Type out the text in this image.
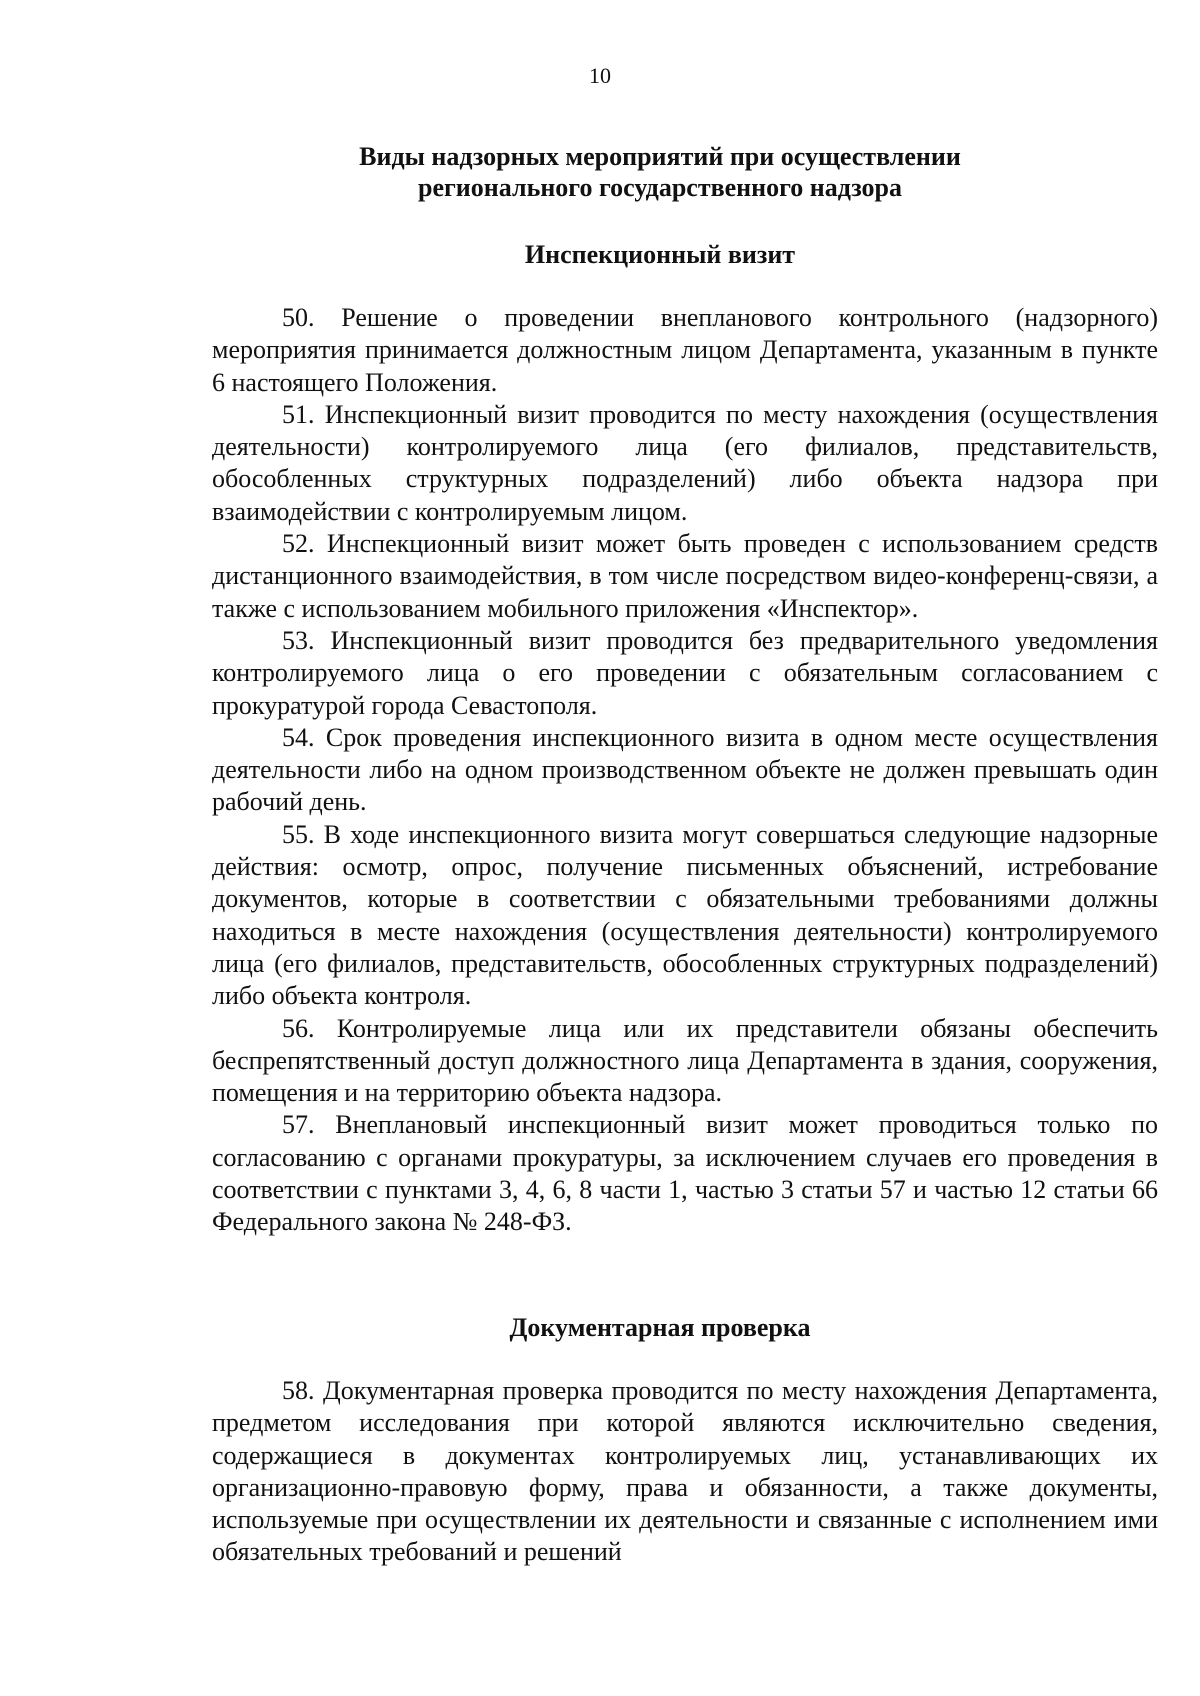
10
Виды надзорных мероприятий при осуществлении
регионального государственного надзора
Инспекционный визит

50. Решение о проведении внепланового контрольного (надзорного) мероприятия принимается должностным лицом Департамента, указанным в пункте 6 настоящего Положения.

51. Инспекционный визит проводится по месту нахождения (осуществления деятельности) контролируемого лица (его филиалов, представительств, обособленных структурных подразделений) либо объекта надзора при взаимодействии с контролируемым лицом.

52. Инспекционный визит может быть проведен с использованием средств дистанционного взаимодействия, в том числе посредством видео-конференц-связи, а также с использованием мобильного приложения «Инспектор».

53. Инспекционный визит проводится без предварительного уведомления контролируемого лица о его проведении с обязательным согласованием с прокуратурой города Севастополя.

54. Срок проведения инспекционного визита в одном месте осуществления деятельности либо на одном производственном объекте не должен превышать один рабочий день.

55. В ходе инспекционного визита могут совершаться следующие надзорные действия: осмотр, опрос, получение письменных объяснений, истребование документов, которые в соответствии с обязательными требованиями должны находиться в месте нахождения (осуществления деятельности) контролируемого лица (его филиалов, представительств, обособленных структурных подразделений) либо объекта контроля.

56. Контролируемые лица или их представители обязаны обеспечить беспрепятственный доступ должностного лица Департамента в здания, сооружения, помещения и на территорию объекта надзора.

57. Внеплановый инспекционный визит может проводиться только по согласованию с органами прокуратуры, за исключением случаев его проведения в соответствии с пунктами 3, 4, 6, 8 части 1, частью 3 статьи 57 и частью 12 статьи 66 Федерального закона № 248-ФЗ.

Документарная проверка

58. Документарная проверка проводится по месту нахождения Департамента, предметом исследования при которой являются исключительно сведения, содержащиеся в документах контролируемых лиц, устанавливающих их организационно-правовую форму, права и обязанности, а также документы, используемые при осуществлении их деятельности и связанные с исполнением ими обязательных требований и решений
